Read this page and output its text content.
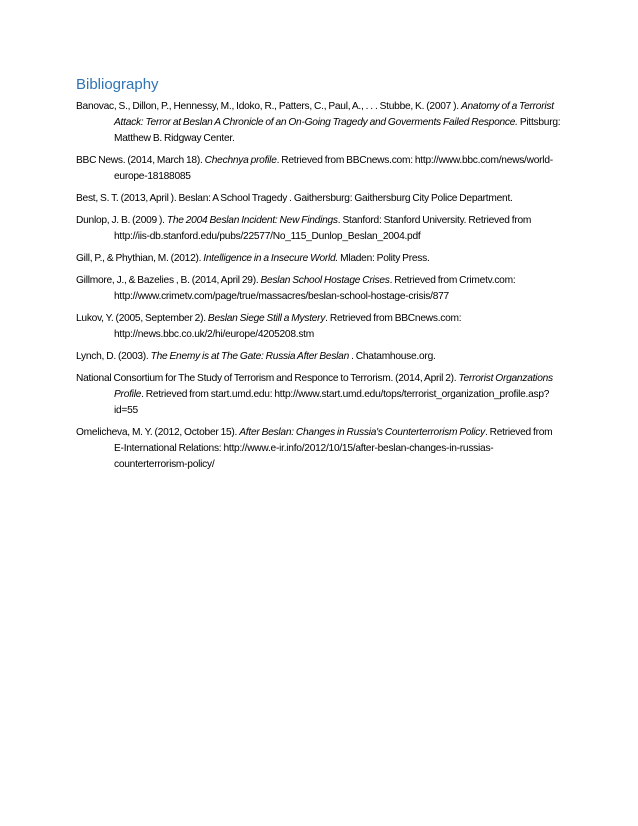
Bibliography

Banovac, S., Dillon, P., Hennessy, M., Idoko, R., Patters, C., Paul, A., . . . Stubbe, K. (2007 ). Anatomy of a Terrorist Attack: Terror at Beslan A Chronicle of an On-Going Tragedy and Goverments Failed Responce. Pittsburg: Matthew B. Ridgway Center.

BBC News. (2014, March 18). Chechnya profile. Retrieved from BBCnews.com: http://www.bbc.com/news/world-europe-18188085

Best, S. T. (2013, April ). Beslan: A School Tragedy . Gaithersburg: Gaithersburg City Police Department.

Dunlop, J. B. (2009 ). The 2004 Beslan Incident: New Findings. Stanford: Stanford University. Retrieved from http://iis-db.stanford.edu/pubs/22577/No_115_Dunlop_Beslan_2004.pdf

Gill, P., & Phythian, M. (2012). Intelligence in a Insecure World. Mladen: Polity Press.

Gillmore, J., & Bazelies , B. (2014, April 29). Beslan School Hostage Crises. Retrieved from Crimetv.com: http://www.crimetv.com/page/true/massacres/beslan-school-hostage-crisis/877

Lukov, Y. (2005, September 2). Beslan Siege Still a Mystery. Retrieved from BBCnews.com: http://news.bbc.co.uk/2/hi/europe/4205208.stm

Lynch, D. (2003). The Enemy is at The Gate: Russia After Beslan . Chatamhouse.org.

National Consortium for The Study of Terrorism and Responce to Terrorism. (2014, April 2). Terrorist Organzations Profile. Retrieved from start.umd.edu: http://www.start.umd.edu/tops/terrorist_organization_profile.asp?id=55

Omelicheva, M. Y. (2012, October 15). After Beslan: Changes in Russia's Counterterrorism Policy. Retrieved from E-International Relations: http://www.e-ir.info/2012/10/15/after-beslan-changes-in-russias-counterterrorism-policy/
